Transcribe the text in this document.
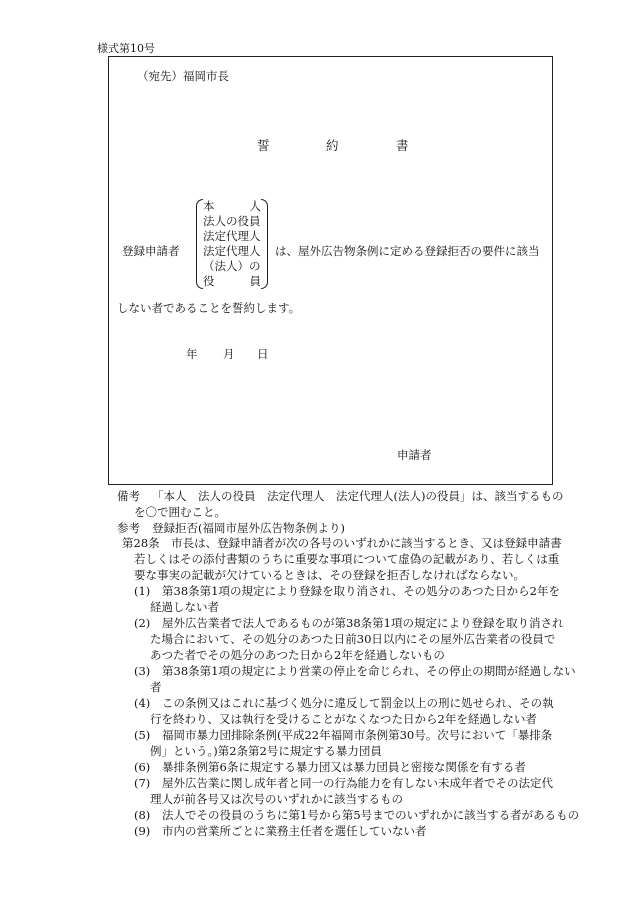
様式第10号
（宛先）福岡市長
誓	約	書
登録申請者
本	人
法人の役員
法定代理人
法定代理人
（法人）の
役	員
は、屋外広告物条例に定める登録拒否の要件に該当
しない者であることを誓約します。
年 月 日
申請者
備考 「本人　法人の役員　法定代理人　法定代理人(法人)の役員」は、該当するもの
を〇で囲むこと。
参考 登録拒否(福岡市屋外広告物条例より)
第28条　市長は、登録申請者が次の各号のいずれかに該当するとき、又は登録申請書
若しくはその添付書類のうちに重要な事項について虚偽の記載があり、若しくは重
要な事実の記載が欠けているときは、その登録を拒否しなければならない。
(1) 第38条第1項の規定により登録を取り消され、その処分のあつた日から2年を
経過しない者
(2) 屋外広告業者で法人であるものが第38条第1項の規定により登録を取り消され
た場合において、その処分のあつた日前30日以内にその屋外広告業者の役員で
あつた者でその処分のあつた日から2年を経過しないもの
(3) 第38条第1項の規定により営業の停止を命じられ、その停止の期間が経過しない
者
(4) この条例又はこれに基づく処分に違反して罰金以上の刑に処せられ、その執
行を終わり、又は執行を受けることがなくなつた日から2年を経過しない者
(5) 福岡市暴力団排除条例(平成22年福岡市条例第30号。次号において「暴排条
例」という。)第2条第2号に規定する暴力団員
(6) 暴排条例第6条に規定する暴力団又は暴力団員と密接な関係を有する者
(7) 屋外広告業に関し成年者と同一の行為能力を有しない未成年者でその法定代
理人が前各号又は次号のいずれかに該当するもの
(8) 法人でその役員のうちに第1号から第5号までのいずれかに該当する者があるもの
(9) 市内の営業所ごとに業務主任者を選任していない者
